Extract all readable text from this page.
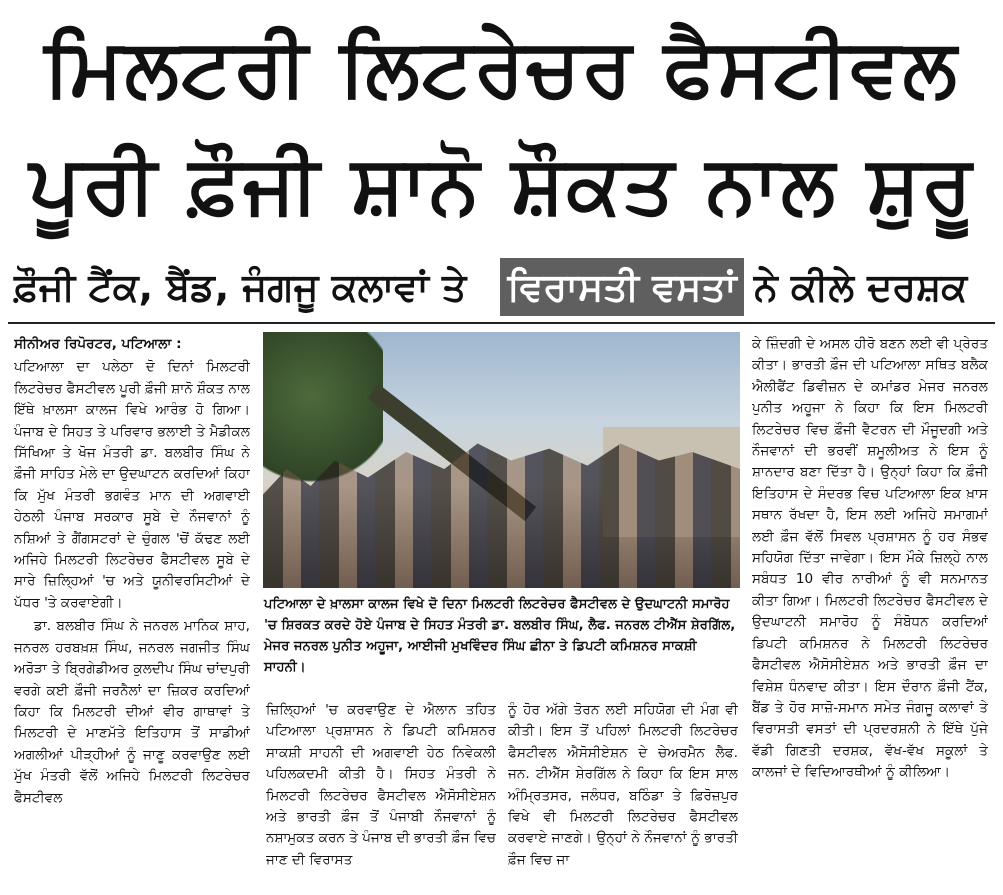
ਮਿਲਟਰੀ ਲਿਟਰੇਚਰ ਫੈਸਟੀਵਲ
ਪੂਰੀ ਫ਼ੌਜੀ ਸ਼ਾਨੋ ਸ਼ੌਕਤ ਨਾਲ ਸ਼ੁਰੂ
ਫ਼ੌਜੀ ਟੈਂਕ, ਬੈਂਡ, ਜੰਗਜੂ ਕਲਾਵਾਂ ਤੇ ਵਿਰਾਸਤੀ ਵਸਤਾਂ ਨੇ ਕੀਲੇ ਦਰਸ਼ਕ

ਸੀਨੀਅਰ ਰਿਪੋਰਟਰ, ਪਟਿਆਲਾ :

ਪਟਿਆਲਾ ਦਾ ਪਲੇਠਾ ਦੋ ਦਿਨਾਂ ਮਿਲਟਰੀ ਲਿਟਰੇਚਰ ਫੈਸਟੀਵਲ ਪੂਰੀ ਫ਼ੌਜੀ ਸ਼ਾਨੋ ਸ਼ੌਕਤ ਨਾਲ ਇੱਥੇ ਖ਼ਾਲਸਾ ਕਾਲਜ ਵਿਖੇ ਆਰੰਭ ਹੋ ਗਿਆ। ਪੰਜਾਬ ਦੇ ਸਿਹਤ ਤੇ ਪਰਿਵਾਰ ਭਲਾਈ ਤੇ ਮੈਡੀਕਲ ਸਿੱਖਿਆ ਤੇ ਖੋਜ ਮੰਤਰੀ ਡਾ. ਬਲਬੀਰ ਸਿੰਘ ਨੇ ਫ਼ੌਜੀ ਸਾਹਿਤ ਮੇਲੇ ਦਾ ਉਦਘਾਟਨ ਕਰਦਿਆਂ ਕਿਹਾ ਕਿ ਮੁੱਖ ਮੰਤਰੀ ਭਗਵੰਤ ਮਾਨ ਦੀ ਅਗਵਾਈ ਹੇਠਲੀ ਪੰਜਾਬ ਸਰਕਾਰ ਸੂਬੇ ਦੇ ਨੌਜਵਾਨਾਂ ਨੂੰ ਨਸ਼ਿਆਂ ਤੇ ਗੈਂਗਸਟਰਾਂ ਦੇ ਚੁੰਗਲ 'ਚੋਂ ਕੱਢਣ ਲਈ ਅਜਿਹੇ ਮਿਲਟਰੀ ਲਿਟਰੇਚਰ ਫੈਸਟੀਵਲ ਸੂਬੇ ਦੇ ਸਾਰੇ ਜ਼ਿਲ੍ਹਿਆਂ 'ਚ ਅਤੇ ਯੂਨੀਵਰਸਿਟੀਆਂ ਦੇ ਪੱਧਰ 'ਤੇ ਕਰਵਾਏਗੀ।

ਡਾ. ਬਲਬੀਰ ਸਿੰਘ ਨੇ ਜਨਰਲ ਮਾਨਿਕ ਸ਼ਾਹ, ਜਨਰਲ ਹਰਬਖ਼ਸ਼ ਸਿੰਘ, ਜਨਰਲ ਜਗਜੀਤ ਸਿੰਘ ਅਰੋੜਾ ਤੇ ਬ੍ਰਿਗੇਡੀਅਰ ਕੁਲਦੀਪ ਸਿੰਘ ਚਾਂਦਪੁਰੀ ਵਰਗੇ ਕਈ ਫ਼ੌਜੀ ਜਰਨੈਲਾਂ ਦਾ ਜ਼ਿਕਰ ਕਰਦਿਆਂ ਕਿਹਾ ਕਿ ਮਿਲਟਰੀ ਦੀਆਂ ਵੀਰ ਗਾਥਾਵਾਂ ਤੇ ਮਿਲਟਰੀ ਦੇ ਮਾਣਮੱਤੇ ਇਤਿਹਾਸ ਤੋਂ ਸਾਡੀਆਂ ਅਗਲੀਆਂ ਪੀੜ੍ਹੀਆਂ ਨੂੰ ਜਾਣੂ ਕਰਵਾਉਣ ਲਈ ਮੁੱਖ ਮੰਤਰੀ ਵੱਲੋਂ ਅਜਿਹੇ ਮਿਲਟਰੀ ਲਿਟਰੇਚਰ ਫੈਸਟੀਵਲ

ਪਟਿਆਲਾ ਦੇ ਖ਼ਾਲਸਾ ਕਾਲਜ ਵਿਖੇ ਦੋ ਦਿਨਾ ਮਿਲਟਰੀ ਲਿਟਰੇਚਰ ਫੈਸਟੀਵਲ ਦੇ ਉਦਘਾਟਨੀ ਸਮਾਰੋਹ 'ਚ ਸ਼ਿਰਕਤ ਕਰਦੇ ਹੋਏ ਪੰਜਾਬ ਦੇ ਸਿਹਤ ਮੰਤਰੀ ਡਾ. ਬਲਬੀਰ ਸਿੰਘ, ਲੈਫ. ਜਨਰਲ ਟੀਐੱਸ ਸ਼ੇਰਗਿੱਲ, ਮੇਜਰ ਜਨਰਲ ਪੁਨੀਤ ਅਹੂਜਾ, ਆਈਜੀ ਮੁਖਵਿੰਦਰ ਸਿੰਘ ਛੀਨਾ ਤੇ ਡਿਪਟੀ ਕਮਿਸ਼ਨਰ ਸਾਕਸ਼ੀ ਸਾਹਨੀ।

ਜ਼ਿਲ੍ਹਿਆਂ 'ਚ ਕਰਵਾਉਣ ਦੇ ਐਲਾਨ ਤਹਿਤ ਪਟਿਆਲਾ ਪ੍ਰਸ਼ਾਸਨ ਨੇ ਡਿਪਟੀ ਕਮਿਸ਼ਨਰ ਸਾਕਸ਼ੀ ਸਾਹਨੀ ਦੀ ਅਗਵਾਈ ਹੇਠ ਨਿਵੇਕਲੀ ਪਹਿਲਕਦਮੀ ਕੀਤੀ ਹੈ। ਸਿਹਤ ਮੰਤਰੀ ਨੇ ਮਿਲਟਰੀ ਲਿਟਰੇਚਰ ਫੈਸਟੀਵਲ ਐਸੋਸੀਏਸ਼ਨ ਅਤੇ ਭਾਰਤੀ ਫ਼ੌਜ ਤੋਂ ਪੰਜਾਬੀ ਨੌਜਵਾਨਾਂ ਨੂੰ ਨਸ਼ਾਮੁਕਤ ਕਰਨ ਤੇ ਪੰਜਾਬ ਦੀ ਭਾਰਤੀ ਫ਼ੌਜ ਵਿਚ ਜਾਣ ਦੀ ਵਿਰਾਸਤ

ਨੂੰ ਹੋਰ ਅੱਗੇ ਤੋਰਨ ਲਈ ਸਹਿਯੋਗ ਦੀ ਮੰਗ ਵੀ ਕੀਤੀ। ਇਸ ਤੋਂ ਪਹਿਲਾਂ ਮਿਲਟਰੀ ਲਿਟਰੇਚਰ ਫੈਸਟੀਵਲ ਐਸੋਸੀਏਸ਼ਨ ਦੇ ਚੇਅਰਮੈਨ ਲੈਫ. ਜਨ. ਟੀਐੱਸ ਸ਼ੇਰਗਿੱਲ ਨੇ ਕਿਹਾ ਕਿ ਇਸ ਸਾਲ ਅੰਮ੍ਰਿਤਸਰ, ਜਲੰਧਰ, ਬਠਿੰਡਾ ਤੇ ਫ਼ਿਰੋਜ਼ਪੁਰ ਵਿਖੇ ਵੀ ਮਿਲਟਰੀ ਲਿਟਰੇਚਰ ਫੈਸਟੀਵਲ ਕਰਵਾਏ ਜਾਣਗੇ। ਉਨ੍ਹਾਂ ਨੇ ਨੌਜਵਾਨਾਂ ਨੂੰ ਭਾਰਤੀ ਫ਼ੌਜ ਵਿਚ ਜਾ

ਕੇ ਜ਼ਿੰਦਗੀ ਦੇ ਅਸਲ ਹੀਰੋ ਬਣਨ ਲਈ ਵੀ ਪ੍ਰੇਰਤ ਕੀਤਾ। ਭਾਰਤੀ ਫ਼ੌਜ ਦੀ ਪਟਿਆਲਾ ਸਥਿਤ ਬਲੈਕ ਐਲੀਫੈਂਟ ਡਿਵੀਜ਼ਨ ਦੇ ਕਮਾਂਡਰ ਮੇਜਰ ਜਨਰਲ ਪੁਨੀਤ ਅਹੂਜਾ ਨੇ ਕਿਹਾ ਕਿ ਇਸ ਮਿਲਟਰੀ ਲਿਟਰੇਚਰ ਵਿਚ ਫ਼ੌਜੀ ਵੈਟਰਨ ਦੀ ਮੌਜੂਦਗੀ ਅਤੇ ਨੌਜਵਾਨਾਂ ਦੀ ਭਰਵੀਂ ਸ਼ਮੂਲੀਅਤ ਨੇ ਇਸ ਨੂੰ ਸ਼ਾਨਦਾਰ ਬਣਾ ਦਿੱਤਾ ਹੈ। ਉਨ੍ਹਾਂ ਕਿਹਾ ਕਿ ਫ਼ੌਜੀ ਇਤਿਹਾਸ ਦੇ ਸੰਦਰਭ ਵਿਚ ਪਟਿਆਲਾ ਇਕ ਖ਼ਾਸ ਸਥਾਨ ਰੱਖਦਾ ਹੈ, ਇਸ ਲਈ ਅਜਿਹੇ ਸਮਾਗਮਾਂ ਲਈ ਫ਼ੌਜ ਵੱਲੋਂ ਸਿਵਲ ਪ੍ਰਸ਼ਾਸਨ ਨੂੰ ਹਰ ਸੰਭਵ ਸਹਿਯੋਗ ਦਿੱਤਾ ਜਾਵੇਗਾ। ਇਸ ਮੌਕੇ ਜ਼ਿਲ੍ਹੇ ਨਾਲ ਸਬੰਧਤ 10 ਵੀਰ ਨਾਰੀਆਂ ਨੂੰ ਵੀ ਸਨਮਾਨਤ ਕੀਤਾ ਗਿਆ। ਮਿਲਟਰੀ ਲਿਟਰੇਚਰ ਫੈਸਟੀਵਲ ਦੇ ਉਦਘਾਟਨੀ ਸਮਾਰੋਹ ਨੂੰ ਸੰਬੋਧਨ ਕਰਦਿਆਂ ਡਿਪਟੀ ਕਮਿਸ਼ਨਰ ਨੇ ਮਿਲਟਰੀ ਲਿਟਰੇਚਰ ਫੈਸਟੀਵਲ ਐਸੋਸੀਏਸ਼ਨ ਅਤੇ ਭਾਰਤੀ ਫ਼ੌਜ ਦਾ ਵਿਸ਼ੇਸ਼ ਧੰਨਵਾਦ ਕੀਤਾ। ਇਸ ਦੌਰਾਨ ਫ਼ੌਜੀ ਟੈਂਕ, ਬੈਂਡ ਤੇ ਹੋਰ ਸਾਜ਼ੋ-ਸਮਾਨ ਸਮੇਤ ਜੰਗਜੂ ਕਲਾਵਾਂ ਤੇ ਵਿਰਾਸਤੀ ਵਸਤਾਂ ਦੀ ਪ੍ਰਦਰਸ਼ਨੀ ਨੇ ਇੱਥੇ ਪੁੱਜੇ ਵੱਡੀ ਗਿਣਤੀ ਦਰਸ਼ਕ, ਵੱਖ-ਵੱਖ ਸਕੂਲਾਂ ਤੇ ਕਾਲਜਾਂ ਦੇ ਵਿਦਿਆਰਥੀਆਂ ਨੂੰ ਕੀਲਿਆ।
